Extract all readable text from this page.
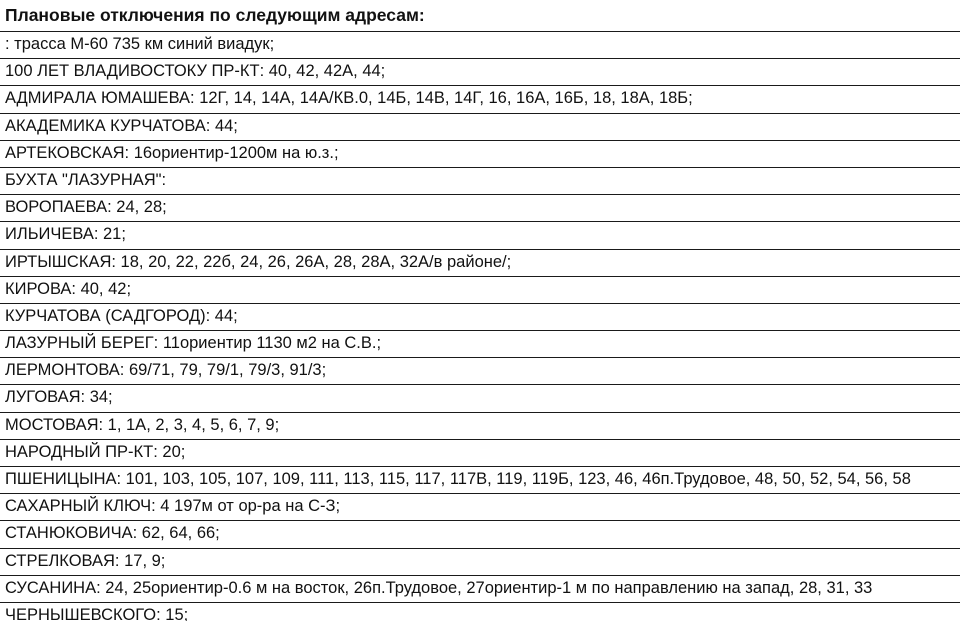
Плановые отключения по следующим адресам:
: трасса М-60 735 км синий виадук;
100 ЛЕТ ВЛАДИВОСТОКУ ПР-КТ: 40, 42, 42А, 44;
АДМИРАЛА ЮМАШЕВА: 12Г, 14, 14А, 14А/КВ.0, 14Б, 14В, 14Г, 16, 16А, 16Б, 18, 18А, 18Б;
АКАДЕМИКА КУРЧАТОВА: 44;
АРТЕКОВСКАЯ: 16ориентир-1200м на ю.з.;
БУХТА "ЛАЗУРНАЯ":
ВОРОПАЕВА: 24, 28;
ИЛЬИЧЕВА: 21;
ИРТЫШСКАЯ: 18, 20, 22, 22б, 24, 26, 26А, 28, 28А, 32А/в районе/;
КИРОВА: 40, 42;
КУРЧАТОВА (САДГОРОД): 44;
ЛАЗУРНЫЙ БЕРЕГ: 11ориентир 1130 м2 на С.В.;
ЛЕРМОНТОВА: 69/71, 79, 79/1, 79/3, 91/3;
ЛУГОВАЯ: 34;
МОСТОВАЯ: 1, 1А, 2, 3, 4, 5, 6, 7, 9;
НАРОДНЫЙ ПР-КТ: 20;
ПШЕНИЦЫНА: 101, 103, 105, 107, 109, 111, 113, 115, 117, 117В, 119, 119Б, 123, 46, 46п.Трудовое, 48, 50, 52, 54, 56, 58
САХАРНЫЙ КЛЮЧ: 4 197м от ор-ра на С-З;
СТАНЮКОВИЧА: 62, 64, 66;
СТРЕЛКОВАЯ: 17, 9;
СУСАНИНА: 24, 25ориентир-0.6 м на восток, 26п.Трудовое, 27ориентир-1 м по направлению на запад, 28, 31, 33
ЧЕРНЫШЕВСКОГО: 15;
